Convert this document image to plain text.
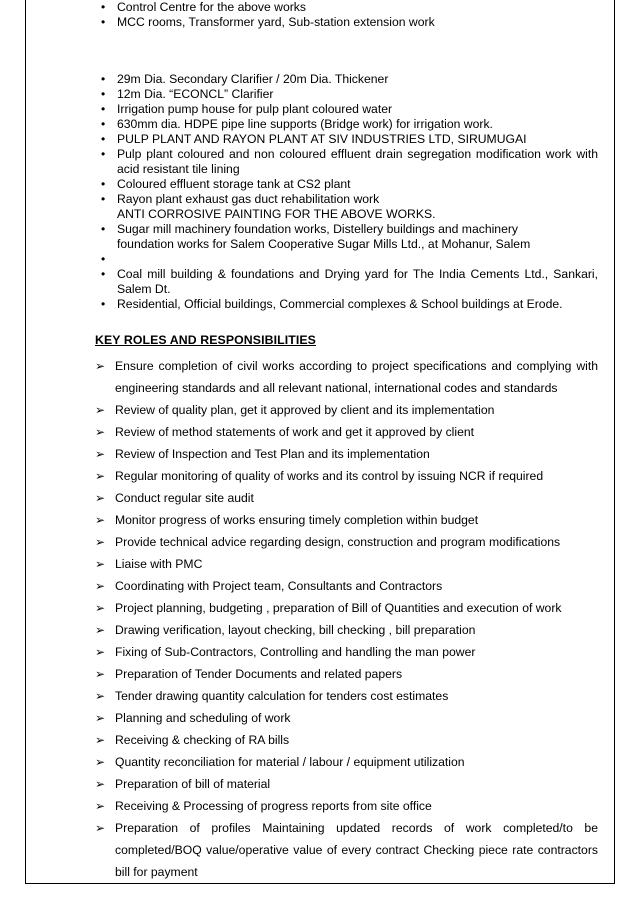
• Control Centre for the above works
• MCC rooms, Transformer yard, Sub-station extension work
• 29m Dia. Secondary Clarifier / 20m Dia. Thickener
• 12m Dia. “ECONCL” Clarifier
• Irrigation pump house for pulp plant coloured water
• 630mm dia. HDPE pipe line supports (Bridge work) for irrigation work.
• PULP PLANT AND RAYON PLANT AT SIV INDUSTRIES LTD, SIRUMUGAI
• Pulp plant coloured and non coloured effluent drain segregation modification work with acid resistant tile lining
• Coloured effluent storage tank at CS2 plant
• Rayon plant exhaust gas duct rehabilitation work
ANTI CORROSIVE PAINTING FOR THE ABOVE WORKS.
• Sugar mill machinery foundation works, Distellery buildings and machinery
foundation works for Salem Cooperative Sugar Mills Ltd., at Mohanur, Salem
•

• Coal mill building & foundations and Drying yard for The India Cements Ltd., Sankari, Salem Dt.
• Residential, Official buildings, Commercial complexes & School buildings at Erode.
KEY ROLES AND RESPONSIBILITIES
➢ Ensure completion of civil works according to project specifications and complying with engineering standards and all relevant national, international codes and standards
➢ Review of quality plan, get it approved by client and its implementation
➢ Review of method statements of work and get it approved by client
➢ Review of Inspection and Test Plan and its implementation
➢ Regular monitoring of quality of works and its control by issuing NCR if required
➢ Conduct regular site audit
➢ Monitor progress of works ensuring timely completion within budget
➢ Provide technical advice regarding design, construction and program modifications
➢ Liaise with PMC
➢ Coordinating with Project team, Consultants and Contractors
➢ Project planning, budgeting , preparation of Bill of Quantities and execution of work
➢ Drawing verification, layout checking, bill checking , bill preparation
➢ Fixing of Sub-Contractors, Controlling and handling the man power
➢ Preparation of Tender Documents and related papers
➢ Tender drawing quantity calculation for tenders cost estimates
➢ Planning and scheduling of work
➢ Receiving & checking of RA bills
➢ Quantity reconciliation for material / labour / equipment utilization
➢ Preparation of bill of material
➢ Receiving & Processing of progress reports from site office
➢ Preparation of profiles Maintaining updated records of work completed/to be completed/BOQ value/operative value of every contract Checking piece rate contractors bill for payment
